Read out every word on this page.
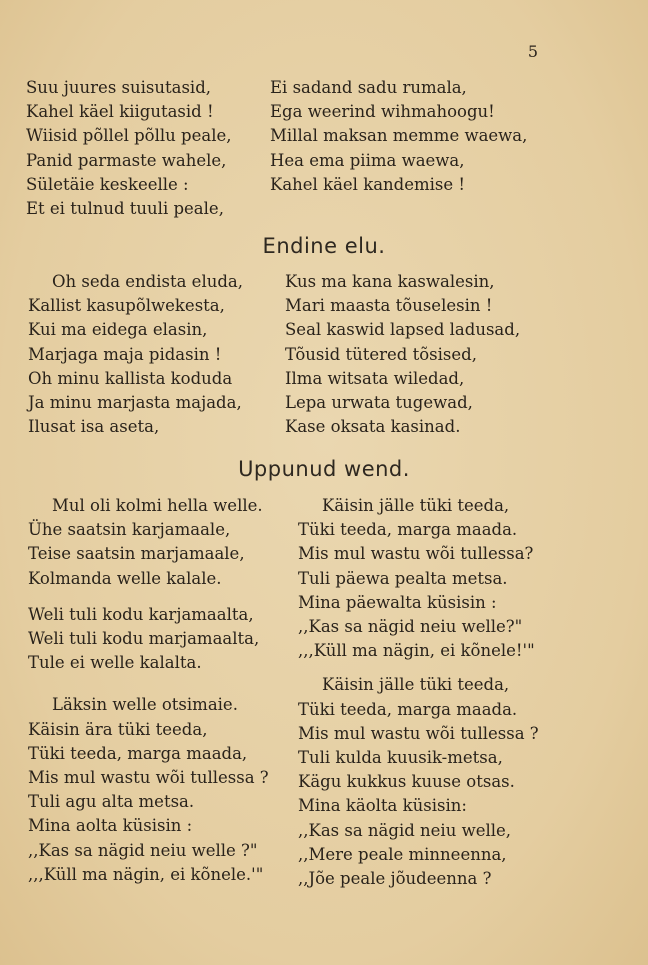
5
Suu juures suisutasid,
Kahel käel kiigutasid !
Wiisid põllel põllu peale,
Panid parmaste wahele,
Sületäie keskeelle :
Et ei tulnud tuuli peale,
Ei sadand sadu rumala,
Ega weerind wihmahoogu!
Millal maksan memme waewa,
Hea ema piima waewa,
Kahel käel kandemise !
Endine elu.
Oh seda endista eluda,
Kallist kasupõlwekesta,
Kui ma eidega elasin,
Marjaga maja pidasin !
Oh minu kallista koduda
Ja minu marjasta majada,
Ilusat isa aseta,
Kus ma kana kaswalesin,
Mari maasta tõuselesin !
Seal kaswid lapsed ladusad,
Tõusid tütered tõsised,
Ilma witsata wiledad,
Lepa urwata tugewad,
Kase oksata kasinad.
Uppunud wend.
Mul oli kolmi hella welle.
Ühe saatsin karjamaale,
Teise saatsin marjamaale,
Kolmanda welle kalale.
Weli tuli kodu karjamaalta,
Weli tuli kodu marjamaalta,
Tule ei welle kalalta.
Läksin welle otsimaie.
Käisin ära tüki teeda,
Tüki teeda, marga maada,
Mis mul wastu wõi tullessa ?
Tuli agu alta metsa.
Mina aolta küsisin :
,,Kas sa nägid neiu welle ?"
,,,Küll ma nägin, ei kõnele.'"
Käisin jälle tüki teeda,
Tüki teeda, marga maada.
Mis mul wastu wõi tullessa?
Tuli päewa pealta metsa.
Mina päewalta küsisin :
,,Kas sa nägid neiu welle?"
,,,Küll ma nägin, ei kõnele!'"
Käisin jälle tüki teeda,
Tüki teeda, marga maada.
Mis mul wastu wõi tullessa ?
Tuli kulda kuusik-metsa,
Kägu kukkus kuuse otsas.
Mina käolta küsisin:
,,Kas sa nägid neiu welle,
,,Mere peale minneenna,
,,Jõe peale jõudeenna ?
